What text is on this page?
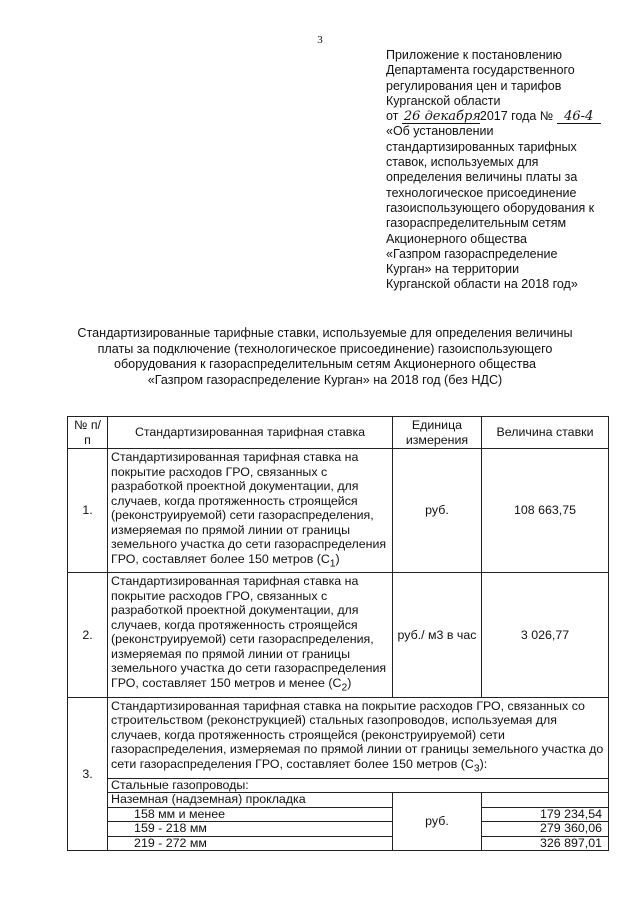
3
Приложение к постановлению
Департамента государственного
регулирования цен и тарифов
Курганской области
от 26 декабря2017 года № 46-4
«Об установлении
стандартизированных тарифных
ставок, используемых для
определения величины платы за
технологическое присоединение
газоиспользующего оборудования к
газораспределительным сетям
Акционерного общества
«Газпром газораспределение
Курган» на территории
Курганской области на 2018 год»
Стандартизированные тарифные ставки, используемые для определения величины
платы за подключение (технологическое присоединение) газоиспользующего
оборудования к газораспределительным сетям Акционерного общества
«Газпром газораспределение Курган» на 2018 год (без НДС)
№ п/п	Стандартизированная тарифная ставка	Единица измерения	Величина ставки
1.	Стандартизированная тарифная ставка на покрытие расходов ГРО, связанных с разработкой проектной документации, для случаев, когда протяженность строящейся (реконструируемой) сети газораспределения, измеряемая по прямой линии от границы земельного участка до сети газораспределения ГРО, составляет более 150 метров $(C_1)$	руб.	108 663,75
2.	Стандартизированная тарифная ставка на покрытие расходов ГРО, связанных с разработкой проектной документации, для случаев, когда протяженность строящейся (реконструируемой) сети газораспределения, измеряемая по прямой линии от границы земельного участка до сети газораспределения ГРО, составляет 150 метров и менее $(C_2)$	руб./ м3 в час	3 026,77
3.	Стандартизированная тарифная ставка на покрытие расходов ГРО, связанных со строительством (реконструкцией) стальных газопроводов, используемая для случаев, когда протяженность строящейся (реконструируемой) сети газораспределения, измеряемая по прямой линии от границы земельного участка до сети газораспределения ГРО, составляет более 150 метров $(C_3)$:		
	Стальные газопроводы:		
	Наземная (надземная) прокладка	руб.	
	158 мм и менее		179 234,54
	159 - 218 мм		279 360,06
	219 - 272 мм		326 897,01
